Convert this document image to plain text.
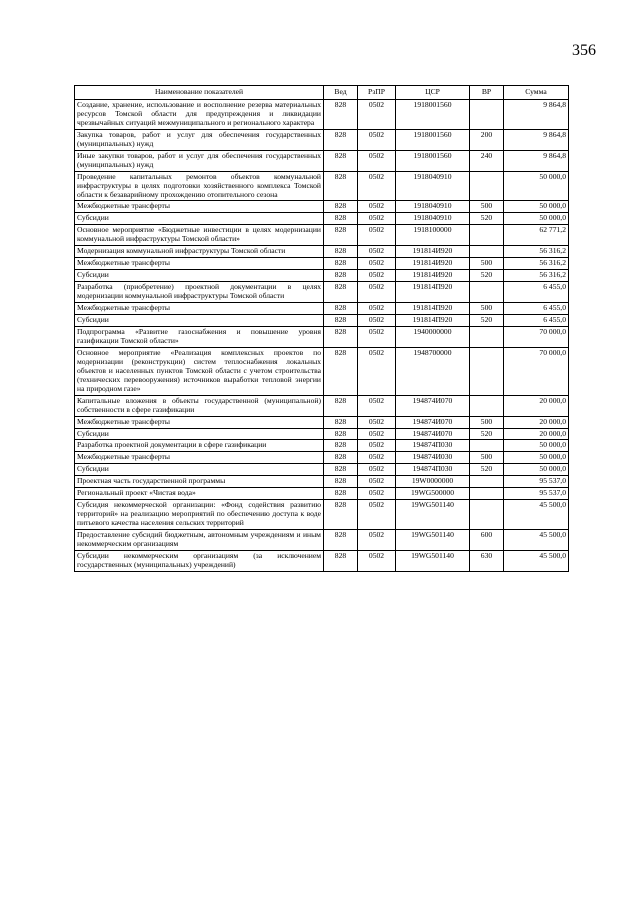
356
Наименование показателей	Вед	РзПР	ЦСР	ВР	Сумма
Создание, хранение, использование и восполнение резерва материальных ресурсов Томской области для предупреждения и ликвидации чрезвычайных ситуаций межмуниципального и регионального характера	828	0502	1918001560		9 864,8
Закупка товаров, работ и услуг для обеспечения государственных (муниципальных) нужд	828	0502	1918001560	200	9 864,8
Иные закупки товаров, работ и услуг для обеспечения государственных (муниципальных) нужд	828	0502	1918001560	240	9 864,8
Проведение капитальных ремонтов объектов коммунальной инфраструктуры в целях подготовки хозяйственного комплекса Томской области к безаварийному прохождению отопительного сезона	828	0502	1918040910		50 000,0
Межбюджетные трансферты	828	0502	1918040910	500	50 000,0
Субсидии	828	0502	1918040910	520	50 000,0
Основное мероприятие «Бюджетные инвестиции в целях модернизации коммунальной инфраструктуры Томской области»	828	0502	1918100000		62 771,2
Модернизация коммунальной инфраструктуры Томской области	828	0502	191814И920		56 316,2
Межбюджетные трансферты	828	0502	191814И920	500	56 316,2
Субсидии	828	0502	191814И920	520	56 316,2
Разработка (приобретение) проектной документации в целях модернизации коммунальной инфраструктуры Томской области	828	0502	191814П920		6 455,0
Межбюджетные трансферты	828	0502	191814П920	500	6 455,0
Субсидии	828	0502	191814П920	520	6 455,0
Подпрограмма «Развитие газоснабжения и повышение уровня газификации Томской области»	828	0502	1940000000		70 000,0
Основное мероприятие «Реализация комплексных проектов по модернизации (реконструкции) систем теплоснабжения локальных объектов и населенных пунктов Томской области с учетом строительства (технических перевооружения) источников выработки тепловой энергии на природном газе»	828	0502	1948700000		70 000,0
Капитальные вложения в объекты государственной (муниципальной) собственности в сфере газификации	828	0502	194874И070		20 000,0
Межбюджетные трансферты	828	0502	194874И070	500	20 000,0
Субсидии	828	0502	194874И070	520	20 000,0
Разработка проектной документации в сфере газификации	828	0502	194874П030		50 000,0
Межбюджетные трансферты	828	0502	194874И030	500	50 000,0
Субсидии	828	0502	194874П030	520	50 000,0
Проектная часть государственной программы	828	0502	19W0000000		95 537,0
Региональный проект «Чистая вода»	828	0502	19WG500000		95 537,0
Субсидия некоммерческой организации: «Фонд содействия развитию территорий» на реализацию мероприятий по обеспечению доступа к воде питьевого качества населения сельских территорий	828	0502	19WG501140		45 500,0
Предоставление субсидий бюджетным, автономным учреждениям и иным некоммерческим организациям	828	0502	19WG501140	600	45 500,0
Субсидии некоммерческим организациям (за исключением государственных (муниципальных) учреждений)	828	0502	19WG501140	630	45 500,0
